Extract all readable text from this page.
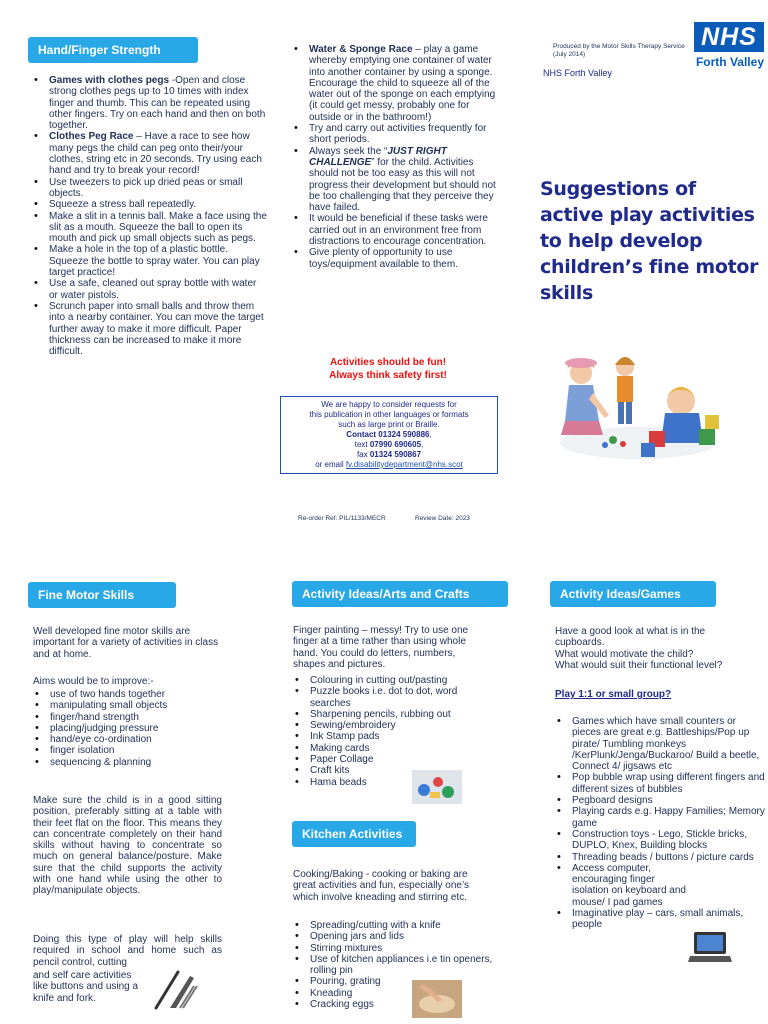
Hand/Finger Strength
• Games with clothes pegs -Open and close strong clothes pegs up to 10 times with index finger and thumb. This can be repeated using other fingers. Try on each hand and then on both together.
• Clothes Peg Race – Have a race to see how many pegs the child can peg onto their/your clothes, string etc in 20 seconds. Try using each hand and try to break your record!
• Use tweezers to pick up dried peas or small objects.
• Squeeze a stress ball repeatedly.
• Make a slit in a tennis ball. Make a face using the slit as a mouth. Squeeze the ball to open its mouth and pick up small objects such as pegs.
• Make a hole in the top of a plastic bottle. Squeeze the bottle to spray water. You can play target practice!
• Use a safe, cleaned out spray bottle with water or water pistols.
• Scrunch paper into small balls and throw them into a nearby container. You can move the target further away to make it more difficult. Paper thickness can be increased to make it more difficult.
• Water & Sponge Race – play a game whereby emptying one container of water into another container by using a sponge. Encourage the child to squeeze all of the water out of the sponge on each emptying (it could get messy, probably one for outside or in the bathroom!)
• Try and carry out activities frequently for short periods.
• Always seek the “JUST RIGHT CHALLENGE” for the child. Activities should not be too easy as this will not progress their development but should not be too challenging that they perceive they have failed.
• It would be beneficial if these tasks were carried out in an environment free from distractions to encourage concentration.
• Give plenty of opportunity to use toys/equipment available to them.
Activities should be fun!
Always think safety first!
We are happy to consider requests for
this publication in other languages or formats
such as large print or Braille.
Contact 01324 590886,
text 07990 690605,
fax 01324 590867
or email fv.disabilitydepartment@nhs.scot
Re-order Ref: PIL/1133/MECR	Review Date: 2023
Produced by the Motor Skills Therapy Service (July 2014)
NHS Forth Valley
NHS
Forth Valley
Suggestions of
active play activities
to help develop
children’s fine motor
skills
Fine Motor Skills
Well developed fine motor skills are important for a variety of activities in class and at home.
Aims would be to improve:-
• use of two hands together
• manipulating small objects
• finger/hand strength
• placing/judging pressure
• hand/eye co-ordination
• finger isolation
• sequencing & planning
Make sure the child is in a good sitting position, preferably sitting at a table with their feet flat on the floor. This means they can concentrate completely on their hand skills without having to concentrate so much on general balance/posture. Make sure that the child supports the activity with one hand while using the other to play/manipulate objects.
Doing this type of play will help skills required in school and home such as pencil control, cutting
and self care activities like buttons and using a knife and fork.
Activity Ideas/Arts and Crafts
Finger painting – messy! Try to use one finger at a time rather than using whole hand. You could do letters, numbers, shapes and pictures.
• Colouring in cutting out/pasting
• Puzzle books i.e. dot to dot, word searches
• Sharpening pencils, rubbing out
• Sewing/embroidery
• Ink Stamp pads
• Making cards
• Paper Collage
• Craft kits
• Hama beads
Kitchen Activities
Cooking/Baking - cooking or baking are great activities and fun, especially one’s which involve kneading and stirring etc.
• Spreading/cutting with a knife
• Opening jars and lids
• Stirring mixtures
• Use of kitchen appliances i.e tin openers, rolling pin
• Pouring, grating
• Kneading
• Cracking eggs
Activity Ideas/Games
Have a good look at what is in the cupboards.
What would motivate the child?
What would suit their functional level?
Play 1:1 or small group?
• Games which have small counters or pieces are great e.g. Battleships/Pop up pirate/ Tumbling monkeys /KerPlunk/Jenga/Buckaroo/ Build a beetle, Connect 4/ jigsaws etc
• Pop bubble wrap using different fingers and different sizes of bubbles
• Pegboard designs
• Playing cards e.g. Happy Families; Memory game
• Construction toys - Lego, Stickle bricks, DUPLO, Knex, Building blocks
• Threading beads / buttons / picture cards
• Access computer, encouraging finger isolation on keyboard and mouse/ I pad games
• Imaginative play – cars, small animals, people
